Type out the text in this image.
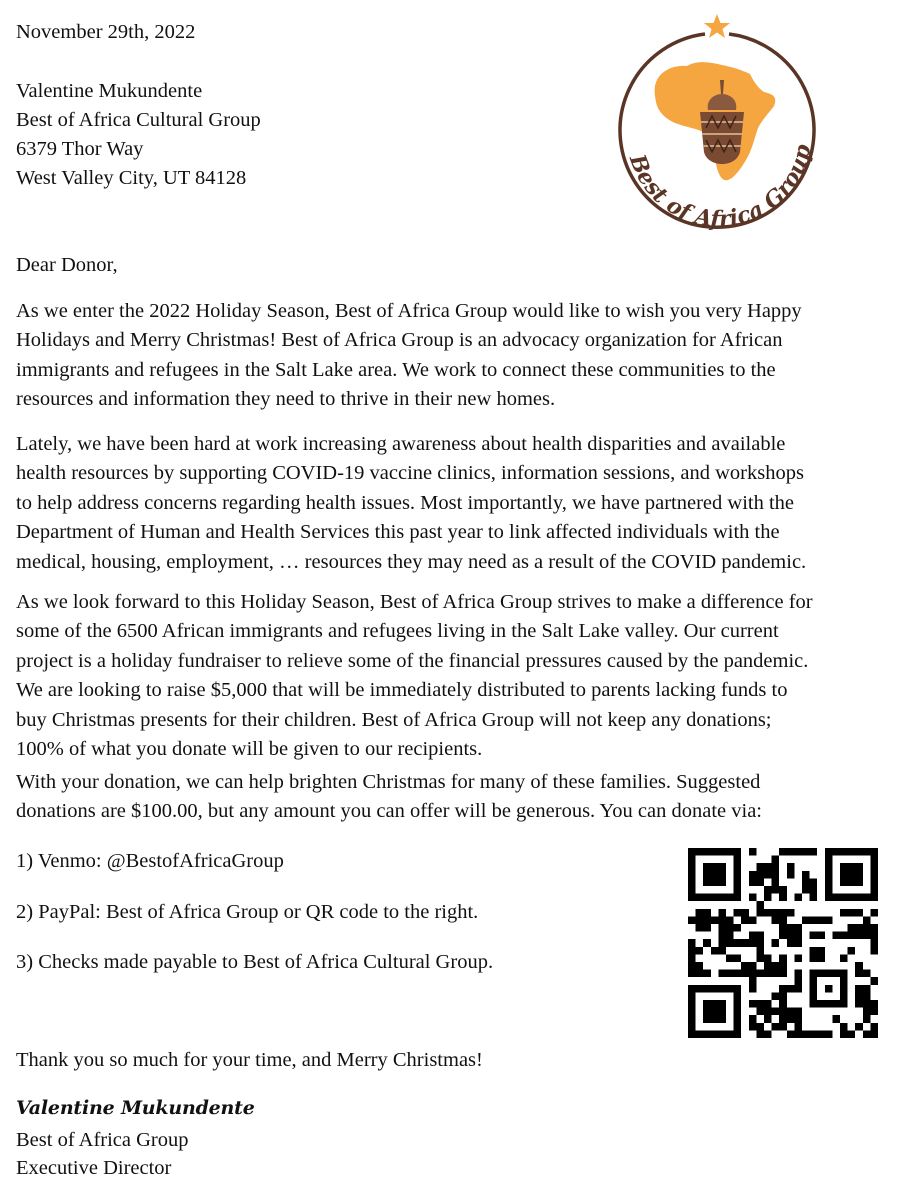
November 29th, 2022

Valentine Mukundente

Best of Africa Cultural Group

6379 Thor Way

West Valley City, UT 84128

Best of Africa Group

Dear Donor,

As we enter the 2022 Holiday Season, Best of Africa Group would like to wish you very Happy
Holidays and Merry Christmas! Best of Africa Group is an advocacy organization for African
immigrants and refugees in the Salt Lake area. We work to connect these communities to the
resources and information they need to thrive in their new homes.
Lately, we have been hard at work increasing awareness about health disparities and available
health resources by supporting COVID-19 vaccine clinics, information sessions, and workshops
to help address concerns regarding health issues. Most importantly, we have partnered with the
Department of Human and Health Services this past year to link affected individuals with the
medical, housing, employment, … resources they may need as a result of the COVID pandemic.
As we look forward to this Holiday Season, Best of Africa Group strives to make a difference for
some of the 6500 African immigrants and refugees living in the Salt Lake valley. Our current
project is a holiday fundraiser to relieve some of the financial pressures caused by the pandemic.
We are looking to raise $5,000 that will be immediately distributed to parents lacking funds to
buy Christmas presents for their children. Best of Africa Group will not keep any donations;
100% of what you donate will be given to our recipients.
With your donation, we can help brighten Christmas for many of these families. Suggested
donations are $100.00, but any amount you can offer will be generous. You can donate via:

1) Venmo: @BestofAfricaGroup

2) PayPal: Best of Africa Group or QR code to the right.

3) Checks made payable to Best of Africa Cultural Group.

Thank you so much for your time, and Merry Christmas!

Valentine Mukundente

Best of Africa Group

Executive Director
